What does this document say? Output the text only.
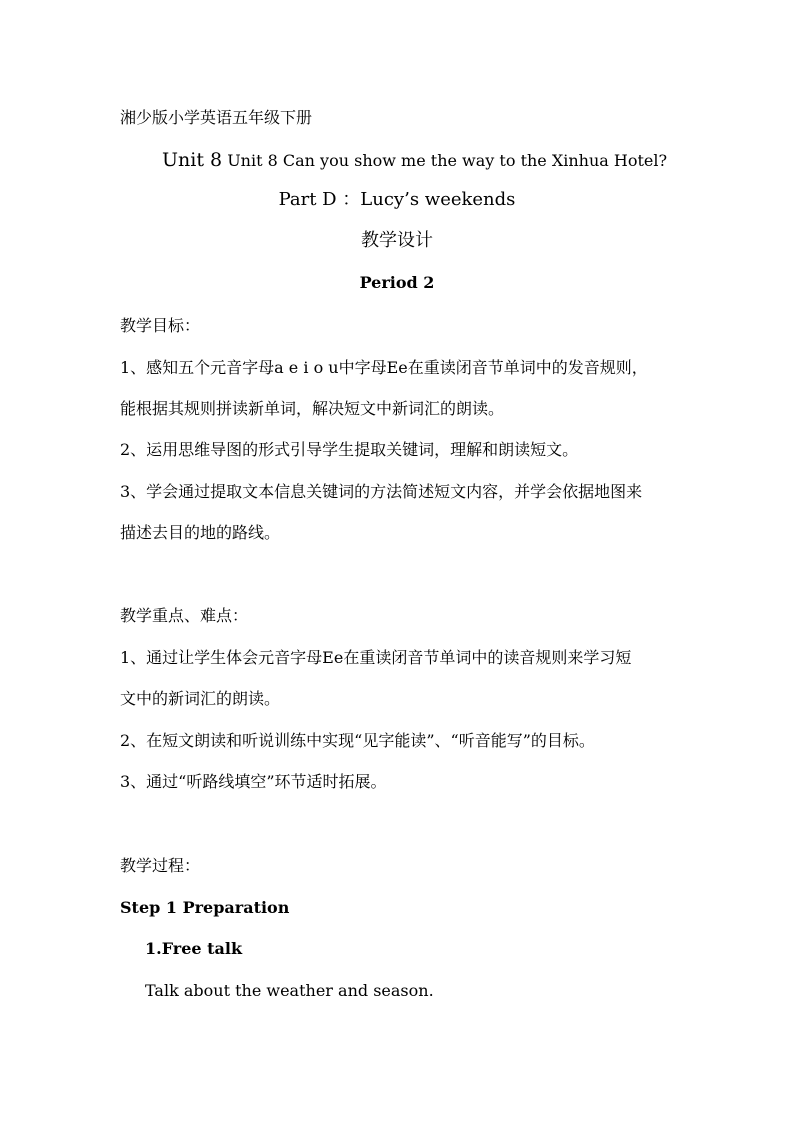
湘少版小学英语五年级下册
Unit 8 Unit 8 Can you show me the way to the Xinhua Hotel?
Part D ：Lucy’s weekends
教学设计
Period 2
教学目标：
1、感知五个元音字母a e i o u中字母Ee在重读闭音节单词中的发音规则，
能根据其规则拼读新单词，解决短文中新词汇的朗读。
2、运用思维导图的形式引导学生提取关键词，理解和朗读短文。
3、学会通过提取文本信息关键词的方法简述短文内容，并学会依据地图来
描述去目的地的路线。
教学重点、难点：
1、通过让学生体会元音字母Ee在重读闭音节单词中的读音规则来学习短
文中的新词汇的朗读。
2、在短文朗读和听说训练中实现“见字能读”、“听音能写”的目标。
3、通过“听路线填空”环节适时拓展。
教学过程：
Step 1 Preparation
1.Free talk
Talk about the weather and season.
